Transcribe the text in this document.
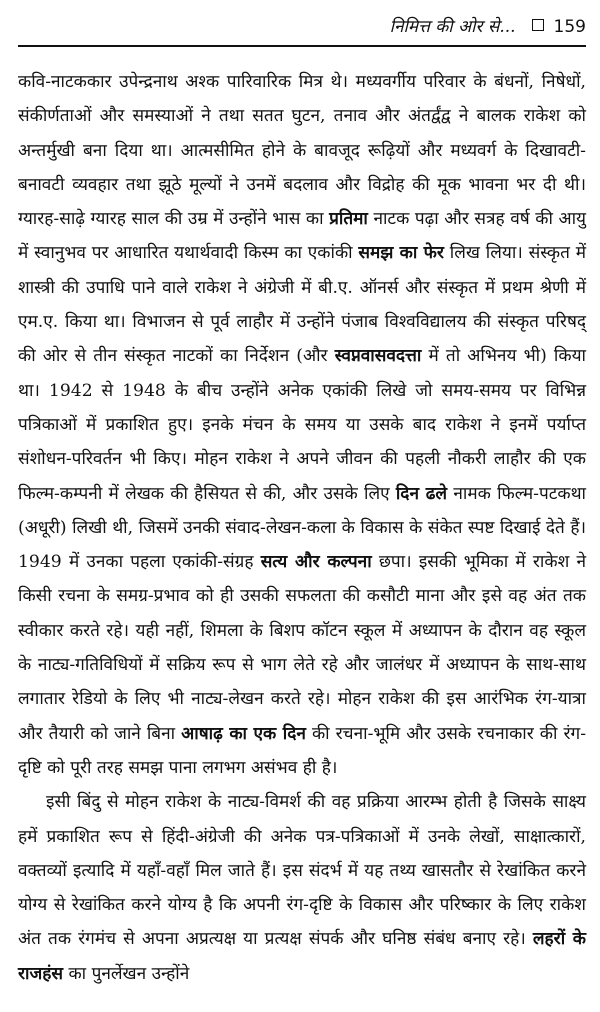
निमित्त की ओर से... 159

कवि-नाटककार उपेन्द्रनाथ अश्क पारिवारिक मित्र थे। मध्यवर्गीय परिवार के बंधनों, निषेधों, संकीर्णताओं और समस्याओं ने तथा सतत घुटन, तनाव और अंतर्द्वंद्व ने बालक राकेश को अन्तर्मुखी बना दिया था। आत्मसीमित होने के बावजूद रूढ़ियों और मध्यवर्ग के दिखावटी-बनावटी व्यवहार तथा झूठे मूल्यों ने उनमें बदलाव और विद्रोह की मूक भावना भर दी थी। ग्यारह-साढ़े ग्यारह साल की उम्र में उन्होंने भास का प्रतिमा नाटक पढ़ा और सत्रह वर्ष की आयु में स्वानुभव पर आधारित यथार्थवादी किस्म का एकांकी समझ का फेर लिख लिया। संस्कृत में शास्त्री की उपाधि पाने वाले राकेश ने अंग्रेजी में बी.ए. ऑनर्स और संस्कृत में प्रथम श्रेणी में एम.ए. किया था। विभाजन से पूर्व लाहौर में उन्होंने पंजाब विश्वविद्यालय की संस्कृत परिषद् की ओर से तीन संस्कृत नाटकों का निर्देशन (और स्वप्नवासवदत्ता में तो अभिनय भी) किया था। 1942 से 1948 के बीच उन्होंने अनेक एकांकी लिखे जो समय-समय पर विभिन्न पत्रिकाओं में प्रकाशित हुए। इनके मंचन के समय या उसके बाद राकेश ने इनमें पर्याप्त संशोधन-परिवर्तन भी किए। मोहन राकेश ने अपने जीवन की पहली नौकरी लाहौर की एक फिल्म-कम्पनी में लेखक की हैसियत से की, और उसके लिए दिन ढले नामक फिल्म-पटकथा (अधूरी) लिखी थी, जिसमें उनकी संवाद-लेखन-कला के विकास के संकेत स्पष्ट दिखाई देते हैं। 1949 में उनका पहला एकांकी-संग्रह सत्य और कल्पना छपा। इसकी भूमिका में राकेश ने किसी रचना के समग्र-प्रभाव को ही उसकी सफलता की कसौटी माना और इसे वह अंत तक स्वीकार करते रहे। यही नहीं, शिमला के बिशप कॉटन स्कूल में अध्यापन के दौरान वह स्कूल के नाट्य-गतिविधियों में सक्रिय रूप से भाग लेते रहे और जालंधर में अध्यापन के साथ-साथ लगातार रेडियो के लिए भी नाट्य-लेखन करते रहे। मोहन राकेश की इस आरंभिक रंग-यात्रा और तैयारी को जाने बिना आषाढ़ का एक दिन की रचना-भूमि और उसके रचनाकार की रंग-दृष्टि को पूरी तरह समझ पाना लगभग असंभव ही है।

इसी बिंदु से मोहन राकेश के नाट्य-विमर्श की वह प्रक्रिया आरम्भ होती है जिसके साक्ष्य हमें प्रकाशित रूप से हिंदी-अंग्रेजी की अनेक पत्र-पत्रिकाओं में उनके लेखों, साक्षात्कारों, वक्तव्यों इत्यादि में यहाँ-वहाँ मिल जाते हैं। इस संदर्भ में यह तथ्य खासतौर से रेखांकित करने योग्य से रेखांकित करने योग्य है कि अपनी रंग-दृष्टि के विकास और परिष्कार के लिए राकेश अंत तक रंगमंच से अपना अप्रत्यक्ष या प्रत्यक्ष संपर्क और घनिष्ठ संबंध बनाए रहे। लहरों के राजहंस का पुनर्लेखन उन्होंने
